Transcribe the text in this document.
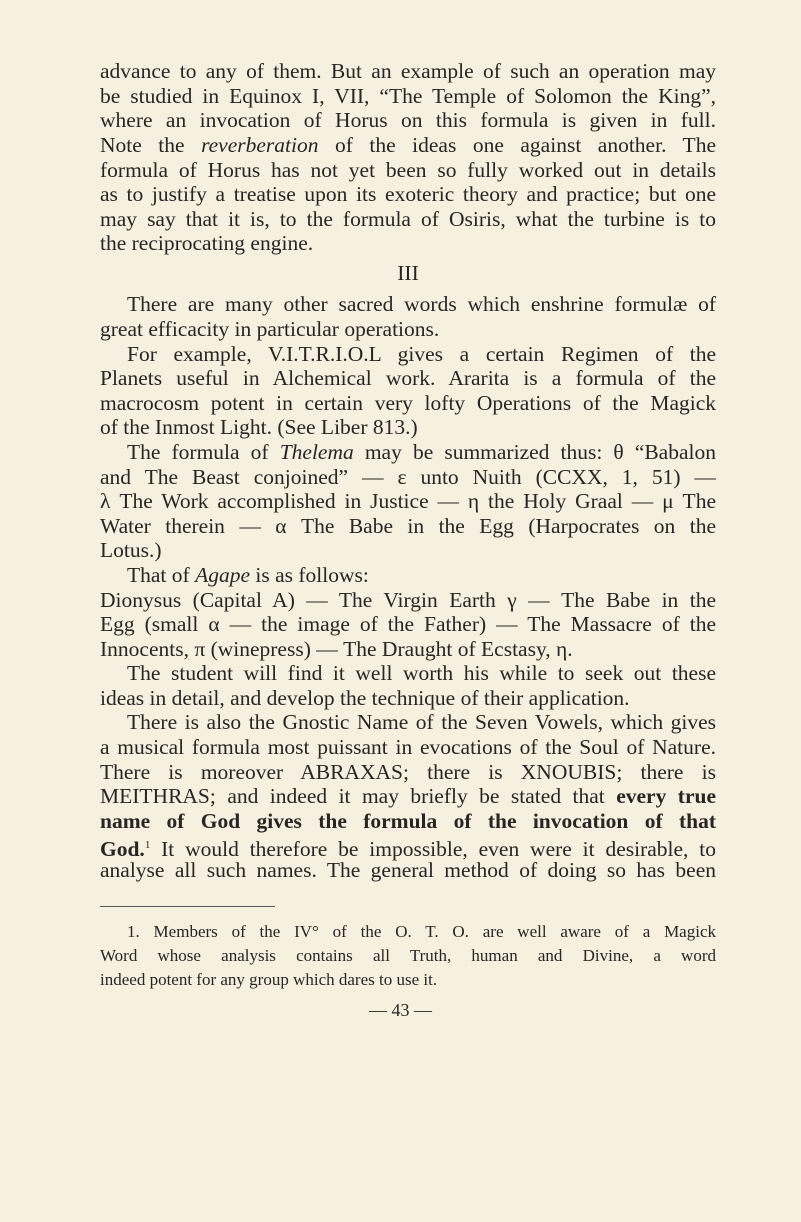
advance to any of them. But an example of such an operation may
be studied in Equinox I, VII, “The Temple of Solomon the King”,
where an invocation of Horus on this formula is given in full.
Note the reverberation of the ideas one against another. The
formula of Horus has not yet been so fully worked out in details
as to justify a treatise upon its exoteric theory and practice; but one
may say that it is, to the formula of Osiris, what the turbine is to
the reciprocating engine.
III
There are many other sacred words which enshrine formulæ of
great efficacity in particular operations.
For example, V.I.T.R.I.O.L gives a certain Regimen of the
Planets useful in Alchemical work. Ararita is a formula of the
macrocosm potent in certain very lofty Operations of the Magick
of the Inmost Light. (See Liber 813.)
The formula of Thelema may be summarized thus: θ “Babalon
and The Beast conjoined” — ε unto Nuith (CCXX, 1, 51) —
λ The Work accomplished in Justice — η the Holy Graal — μ The
Water therein — α The Babe in the Egg (Harpocrates on the
Lotus.)
That of Agape is as follows:
Dionysus (Capital A) — The Virgin Earth γ — The Babe in the
Egg (small α — the image of the Father) — The Massacre of the
Innocents, π (winepress) — The Draught of Ecstasy, η.
The student will find it well worth his while to seek out these
ideas in detail, and develop the technique of their application.
There is also the Gnostic Name of the Seven Vowels, which gives
a musical formula most puissant in evocations of the Soul of Nature.
There is moreover ABRAXAS; there is XNOUBIS; there is
MEITHRAS; and indeed it may briefly be stated that every true
name of God gives the formula of the invocation of that
God.$^1$ It would therefore be impossible, even were it desirable, to
analyse all such names. The general method of doing so has been
1. Members of the IV° of the O. T. O. are well aware of a Magick
Word whose analysis contains all Truth, human and Divine, a word
indeed potent for any group which dares to use it.
— 43 —
